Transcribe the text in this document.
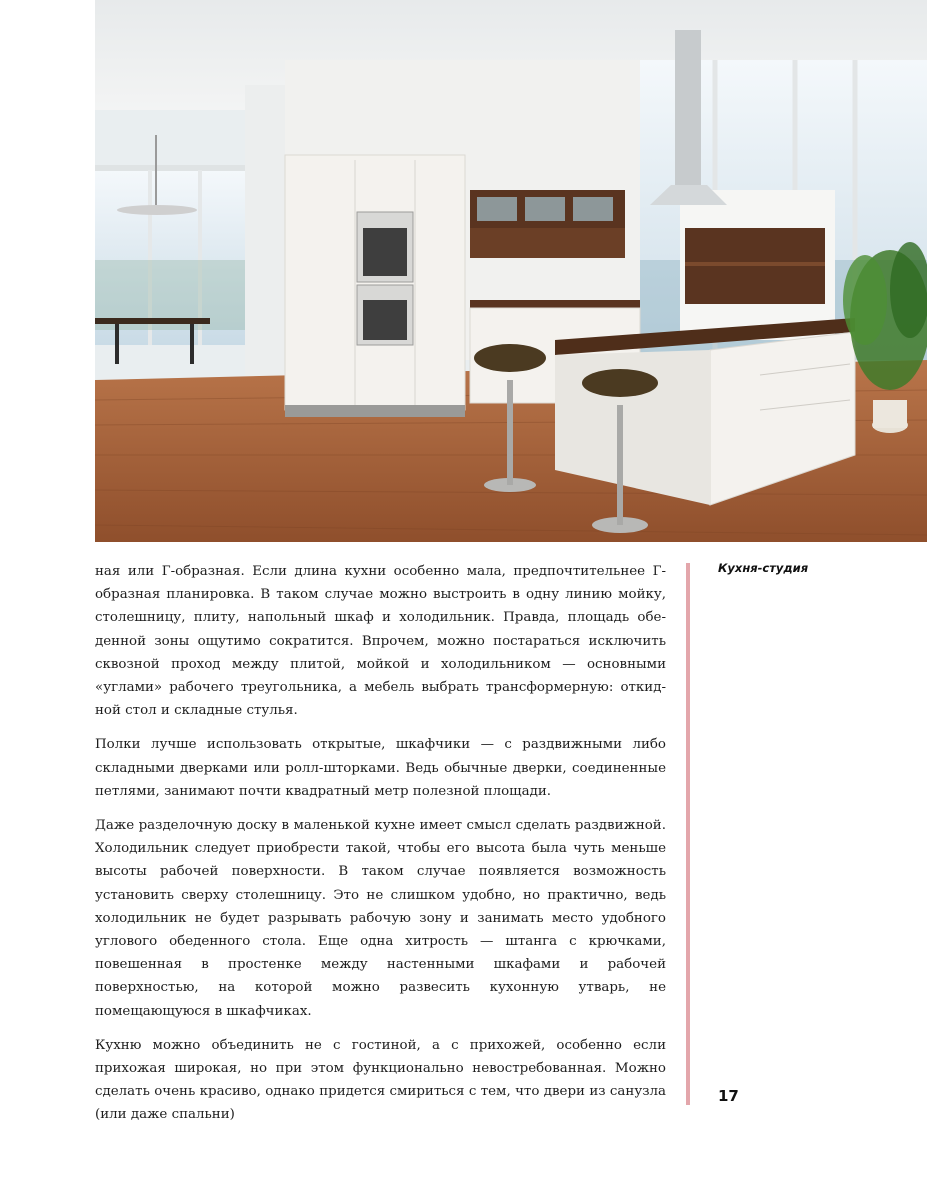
ная или Г-образная. Если длина кухни особенно мала, предпочтительнее Г-образная планировка. В таком случае можно выстроить в одну линию мойку, столешницу, плиту, напольный шкаф и холодильник. Правда, площадь обеденной зоны ощутимо сократится. Впрочем, можно постараться исключить сквозной проход между плитой, мойкой и холодильником — основными «углами» рабочего треугольника, а мебель выбрать трансформерную: откидной стол и складные стулья.

Полки лучше использовать открытые, шкафчики — с раздвижными либо складными дверками или ролл-шторками. Ведь обычные дверки, соединенные петлями, занимают почти квадратный метр полезной площади.

Даже разделочную доску в маленькой кухне имеет смысл сделать раздвижной. Холодильник следует приобрести такой, чтобы его высота была чуть меньше высоты рабочей поверхности. В таком случае появляется возможность установить сверху столешницу. Это не слишком удобно, но практично, ведь холодильник не будет разрывать рабочую зону и занимать место удобного углового обеденного стола. Еще одна хитрость — штанга с крючками, повешенная в простенке между настенными шкафами и рабочей поверхностью, на которой можно развесить кухонную утварь, не помещающуюся в шкафчиках.

Кухню можно объединить не с гостиной, а с прихожей, особенно если прихожая широкая, но при этом функционально невостребованная. Можно сделать очень красиво, однако придется смириться с тем, что двери из санузла (или даже спальни)

Кухня-студия
17
